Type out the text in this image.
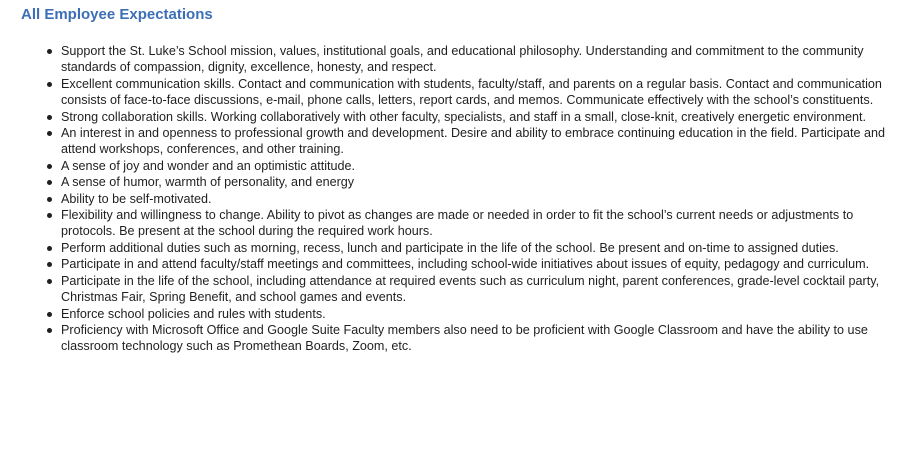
All Employee Expectations
Support the St. Luke’s School mission, values, institutional goals, and educational philosophy. Understanding and commitment to the community standards of compassion, dignity, excellence, honesty, and respect.
Excellent communication skills. Contact and communication with students, faculty/staff, and parents on a regular basis. Contact and communication consists of face-to-face discussions, e-mail, phone calls, letters, report cards, and memos. Communicate effectively with the school’s constituents.
Strong collaboration skills. Working collaboratively with other faculty, specialists, and staff in a small, close-knit, creatively energetic environment.
An interest in and openness to professional growth and development. Desire and ability to embrace continuing education in the field. Participate and attend workshops, conferences, and other training.
A sense of joy and wonder and an optimistic attitude.
A sense of humor, warmth of personality, and energy
Ability to be self-motivated.
Flexibility and willingness to change. Ability to pivot as changes are made or needed in order to fit the school’s current needs or adjustments to protocols. Be present at the school during the required work hours.
Perform additional duties such as morning, recess, lunch and participate in the life of the school. Be present and on-time to assigned duties.
Participate in and attend faculty/staff meetings and committees, including school-wide initiatives about issues of equity, pedagogy and curriculum.
Participate in the life of the school, including attendance at required events such as curriculum night, parent conferences, grade-level cocktail party, Christmas Fair, Spring Benefit, and school games and events.
Enforce school policies and rules with students.
Proficiency with Microsoft Office and Google Suite Faculty members also need to be proficient with Google Classroom and have the ability to use classroom technology such as Promethean Boards, Zoom, etc.
